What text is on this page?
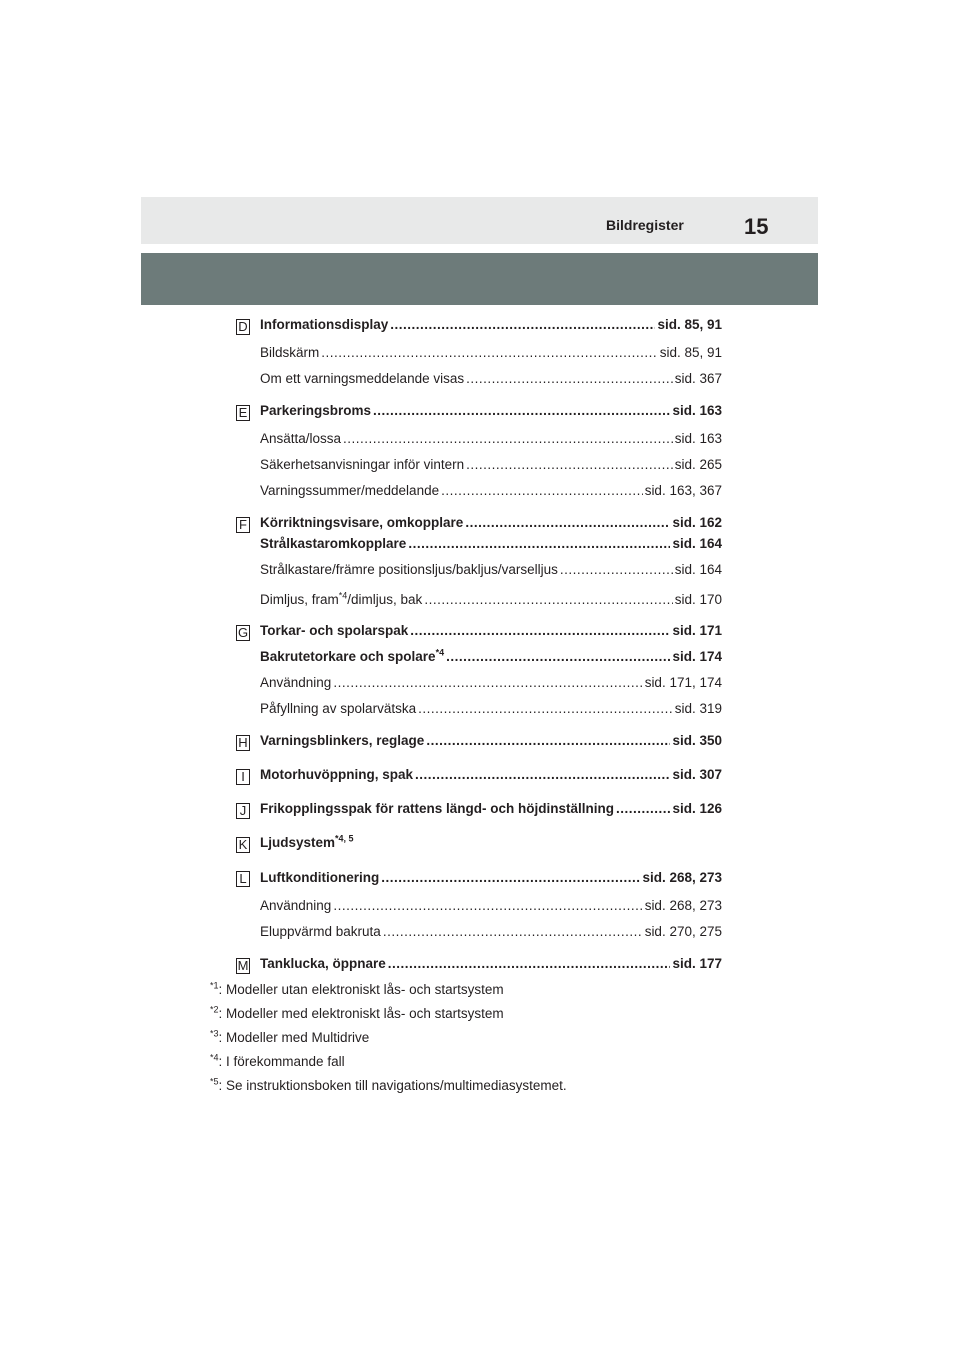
Bildregister	15
D Informationsdisplay .....	sid. 85, 91
Bildskärm .....	sid. 85, 91
Om ett varningsmeddelande visas .....	sid. 367
E Parkeringsbroms .....	sid. 163
Ansätta/lossa .....	sid. 163
Säkerhetsanvisningar inför vintern .....	sid. 265
Varningssummer/meddelande .....	sid. 163, 367
F Körriktningsvisare, omkopplare .....	sid. 162
Strålkastaromkopplare .....	sid. 164
Strålkastare/främre positionsljus/bakljus/varselljus .....	sid. 164
Dimljus, fram$^{*4}$/dimljus, bak .....	sid. 170
G Torkar- och spolarspak .....	sid. 171
Bakrutetorkare och spolare$^{*4}$ .....	sid. 174
Användning .....	sid. 171, 174
Påfyllning av spolarvätska .....	sid. 319
H Varningsblinkers, reglage .....	sid. 350
I	Motorhuvöppning, spak .....	sid. 307
J Frikopplingsspak för rattens längd- och höjdinställning .....	sid. 126
K Ljudsystem$^{*4, 5}$
L Luftkonditionering .....	sid. 268, 273
Användning .....	sid. 268, 273
Eluppvärmd bakruta .....	sid. 270, 275
M Tanklucka, öppnare .....	sid. 177
$^{*1}$: Modeller utan elektroniskt lås- och startsystem
$^{*2}$: Modeller med elektroniskt lås- och startsystem
$^{*3}$: Modeller med Multidrive
$^{*4}$: I förekommande fall
$^{*5}$: Se instruktionsboken till navigations/multimediasystemet.
